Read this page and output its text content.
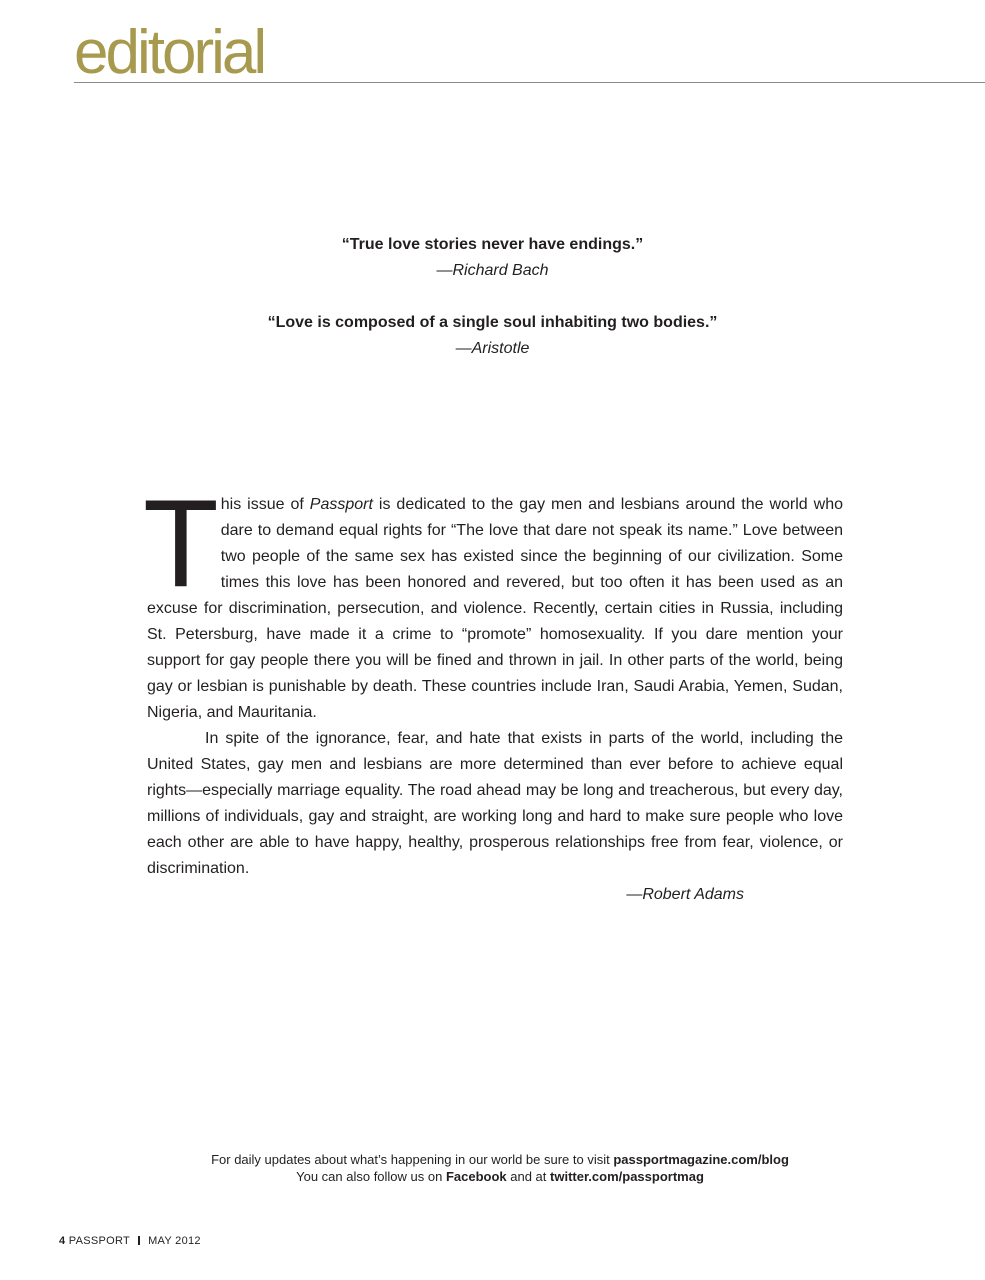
editorial
“True love stories never have endings.”
—Richard Bach
“Love is composed of a single soul inhabiting two bodies.”
—Aristotle

This issue of Passport is dedicated to the gay men and lesbians around the world who dare to demand equal rights for “The love that dare not speak its name.” Love between two people of the same sex has existed since the beginning of our civilization. Some times this love has been honored and revered, but too often it has been used as an excuse for discrimination, persecution, and violence. Recently, certain cities in Russia, including St. Petersburg, have made it a crime to “promote” homosexuality. If you dare mention your support for gay people there you will be fined and thrown in jail. In other parts of the world, being gay or lesbian is punishable by death. These countries include Iran, Saudi Arabia, Yemen, Sudan, Nigeria, and Mauritania.

In spite of the ignorance, fear, and hate that exists in parts of the world, including the United States, gay men and lesbians are more determined than ever before to achieve equal rights—especially marriage equality. The road ahead may be long and treacherous, but every day, millions of individuals, gay and straight, are working long and hard to make sure people who love each other are able to have happy, healthy, prosperous relationships free from fear, violence, or discrimination.

—Robert Adams

For daily updates about what’s happening in our world be sure to visit passportmagazine.com/blog
You can also follow us on Facebook and at twitter.com/passportmag
4 PASSPORT MAY 2012
